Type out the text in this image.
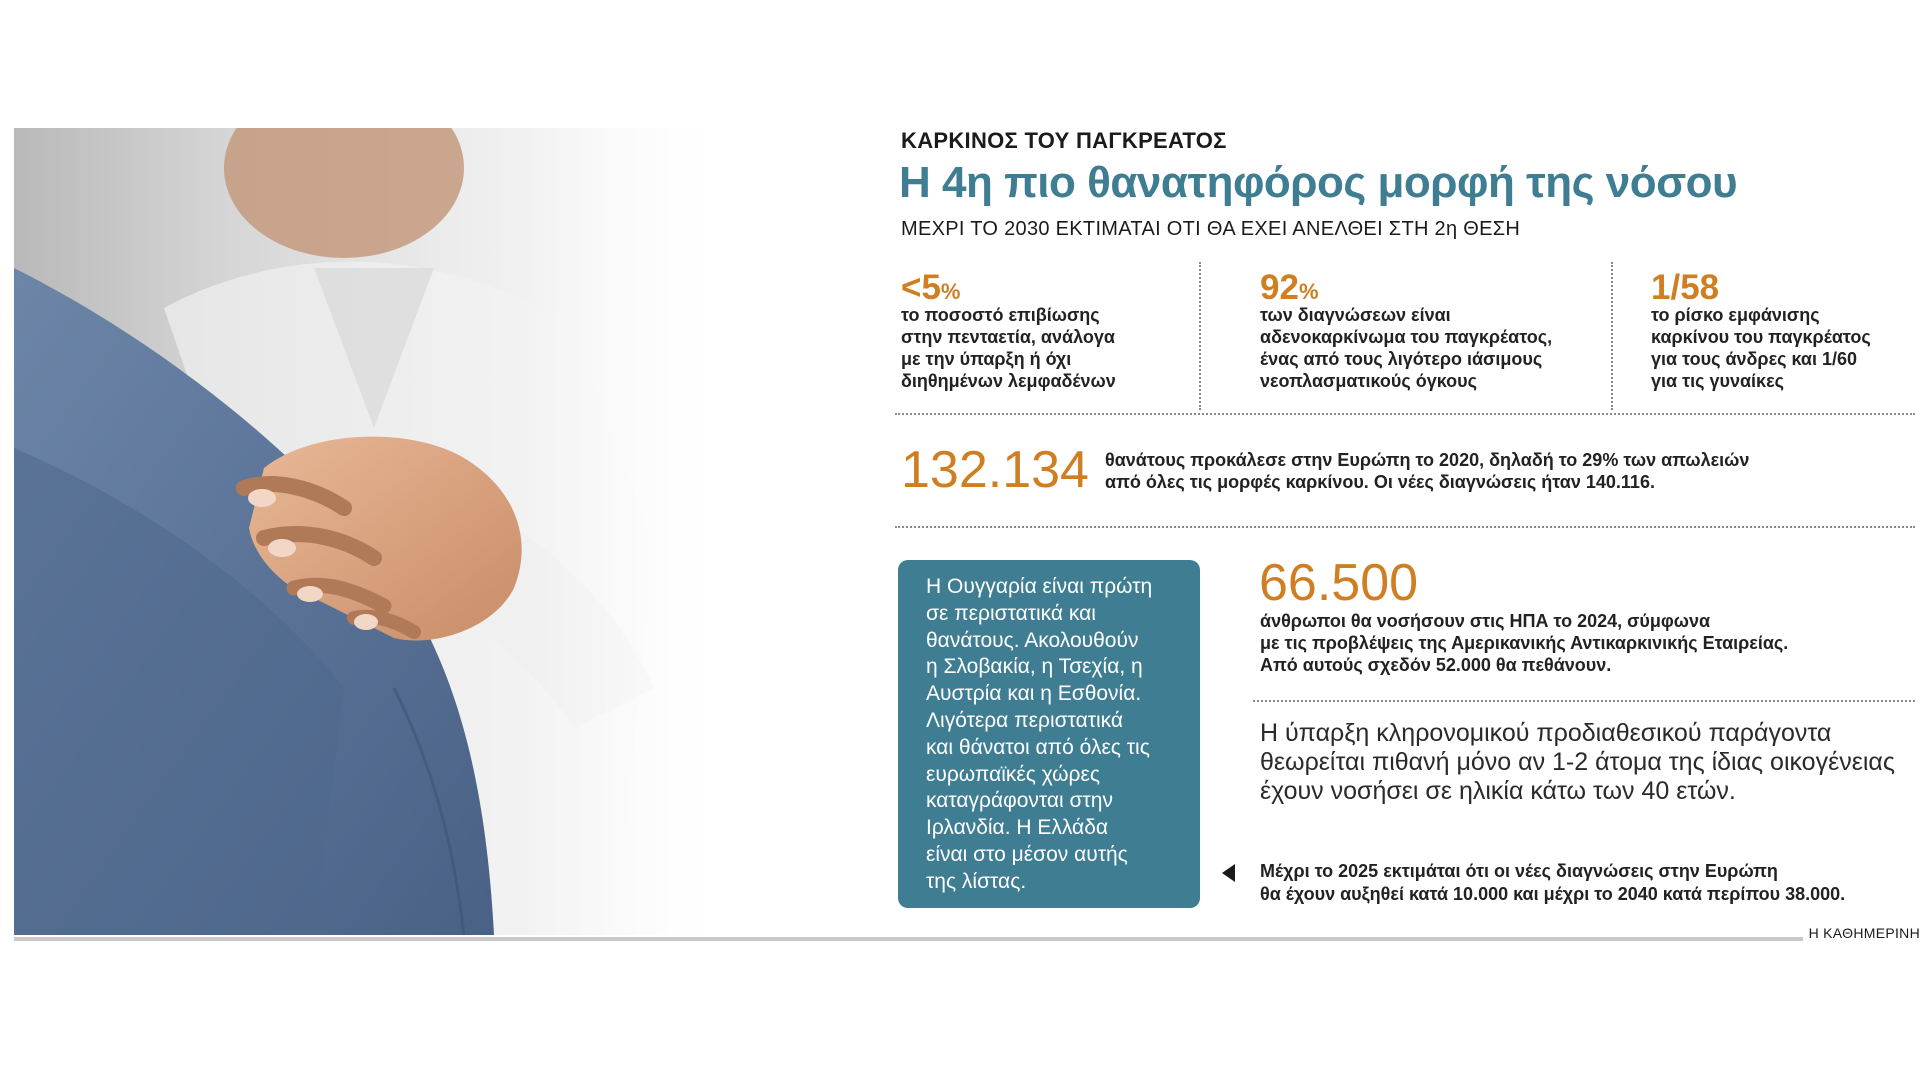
ΚΑΡΚΙΝΟΣ ΤΟΥ ΠΑΓΚΡΕΑΤΟΣ
Η 4η πιο θανατηφόρος μορφή της νόσου
ΜΕΧΡΙ ΤΟ 2030 ΕΚΤΙΜΑΤΑΙ ΟΤΙ ΘΑ ΕΧΕΙ ΑΝΕΛΘΕΙ ΣΤΗ 2η ΘΕΣΗ
<5%
το ποσοστό επιβίωσης
στην πενταετία, ανάλογα
με την ύπαρξη ή όχι
διηθημένων λεμφαδένων
92%
των διαγνώσεων είναι
αδενοκαρκίνωμα του παγκρέατος,
ένας από τους λιγότερο ιάσιμους
νεοπλασματικούς όγκους
1/58
το ρίσκο εμφάνισης
καρκίνου του παγκρέατος
για τους άνδρες και 1/60
για τις γυναίκες
132.134 θανάτους προκάλεσε στην Ευρώπη το 2020, δηλαδή το 29% των απωλειών
από όλες τις μορφές καρκίνου. Οι νέες διαγνώσεις ήταν 140.116.
Η Ουγγαρία είναι πρώτη
σε περιστατικά και
θανάτους. Ακολουθούν
η Σλοβακία, η Τσεχία, η
Αυστρία και η Εσθονία.
Λιγότερα περιστατικά
και θάνατοι από όλες τις
ευρωπαϊκές χώρες
καταγράφονται στην
Ιρλανδία. Η Ελλάδα
είναι στο μέσον αυτής
της λίστας.
66.500
άνθρωποι θα νοσήσουν στις ΗΠΑ το 2024, σύμφωνα
με τις προβλέψεις της Αμερικανικής Αντικαρκινικής Εταιρείας.
Από αυτούς σχεδόν 52.000 θα πεθάνουν.
Η ύπαρξη κληρονομικού προδιαθεσικού παράγοντα
θεωρείται πιθανή μόνο αν 1-2 άτομα της ίδιας οικογένειας
έχουν νοσήσει σε ηλικία κάτω των 40 ετών.
Μέχρι το 2025 εκτιμάται ότι οι νέες διαγνώσεις στην Ευρώπη
θα έχουν αυξηθεί κατά 10.000 και μέχρι το 2040 κατά περίπου 38.000.
Η ΚΑΘΗΜΕΡΙΝΗ
